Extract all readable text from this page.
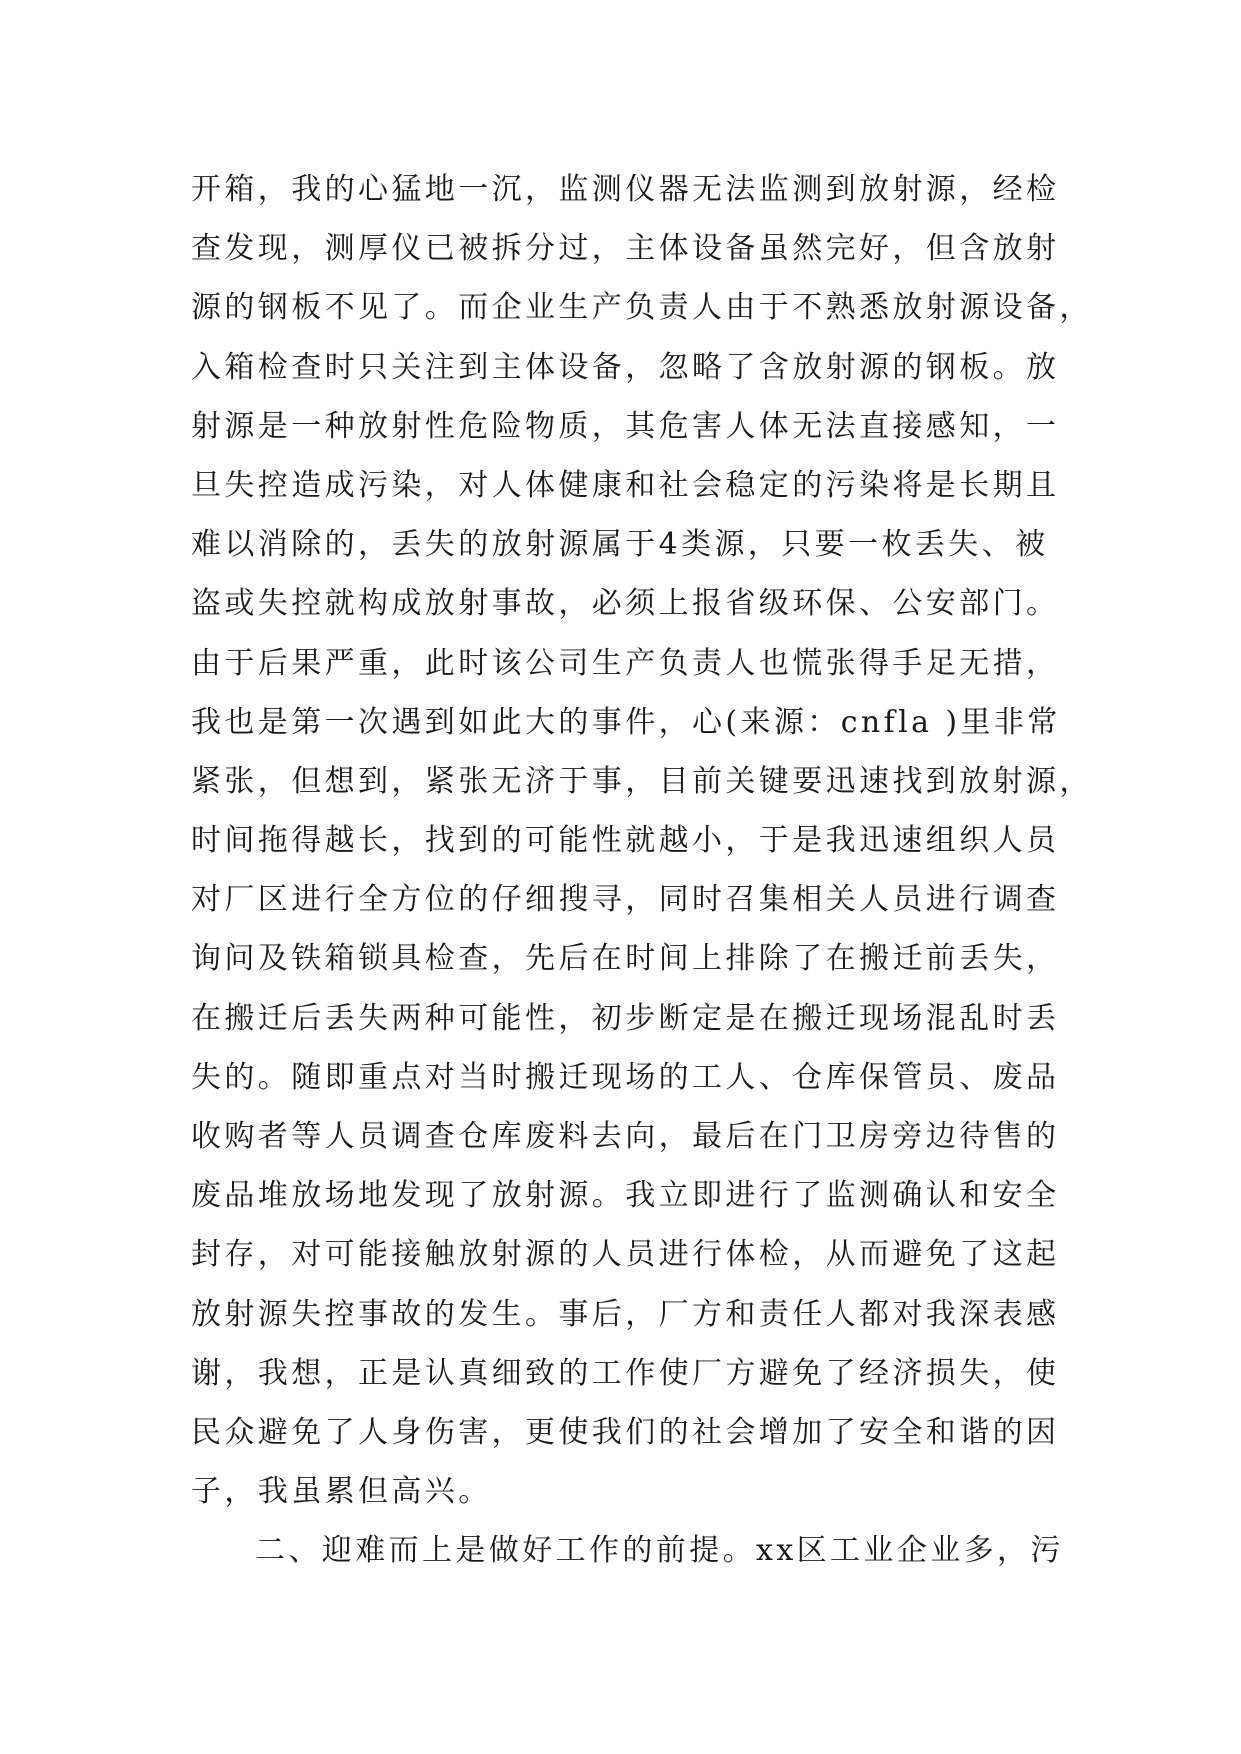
开箱，我的心猛地一沉，监测仪器无法监测到放射源，经检
查发现，测厚仪已被拆分过，主体设备虽然完好，但含放射
源的钢板不见了。而企业生产负责人由于不熟悉放射源设备，
入箱检查时只关注到主体设备，忽略了含放射源的钢板。放
射源是一种放射性危险物质，其危害人体无法直接感知，一
旦失控造成污染，对人体健康和社会稳定的污染将是长期且
难以消除的，丢失的放射源属于4类源，只要一枚丢失、被
盗或失控就构成放射事故，必须上报省级环保、公安部门。
由于后果严重，此时该公司生产负责人也慌张得手足无措，
我也是第一次遇到如此大的事件，心(来源：cnfla )里非常
紧张，但想到，紧张无济于事，目前关键要迅速找到放射源，
时间拖得越长，找到的可能性就越小，于是我迅速组织人员
对厂区进行全方位的仔细搜寻，同时召集相关人员进行调查
询问及铁箱锁具检查，先后在时间上排除了在搬迁前丢失，
在搬迁后丢失两种可能性，初步断定是在搬迁现场混乱时丢
失的。随即重点对当时搬迁现场的工人、仓库保管员、废品
收购者等人员调查仓库废料去向，最后在门卫房旁边待售的
废品堆放场地发现了放射源。我立即进行了监测确认和安全
封存，对可能接触放射源的人员进行体检，从而避免了这起
放射源失控事故的发生。事后，厂方和责任人都对我深表感
谢，我想，正是认真细致的工作使厂方避免了经济损失，使
民众避免了人身伤害，更使我们的社会增加了安全和谐的因
子，我虽累但高兴。
二、迎难而上是做好工作的前提。xx区工业企业多，污
